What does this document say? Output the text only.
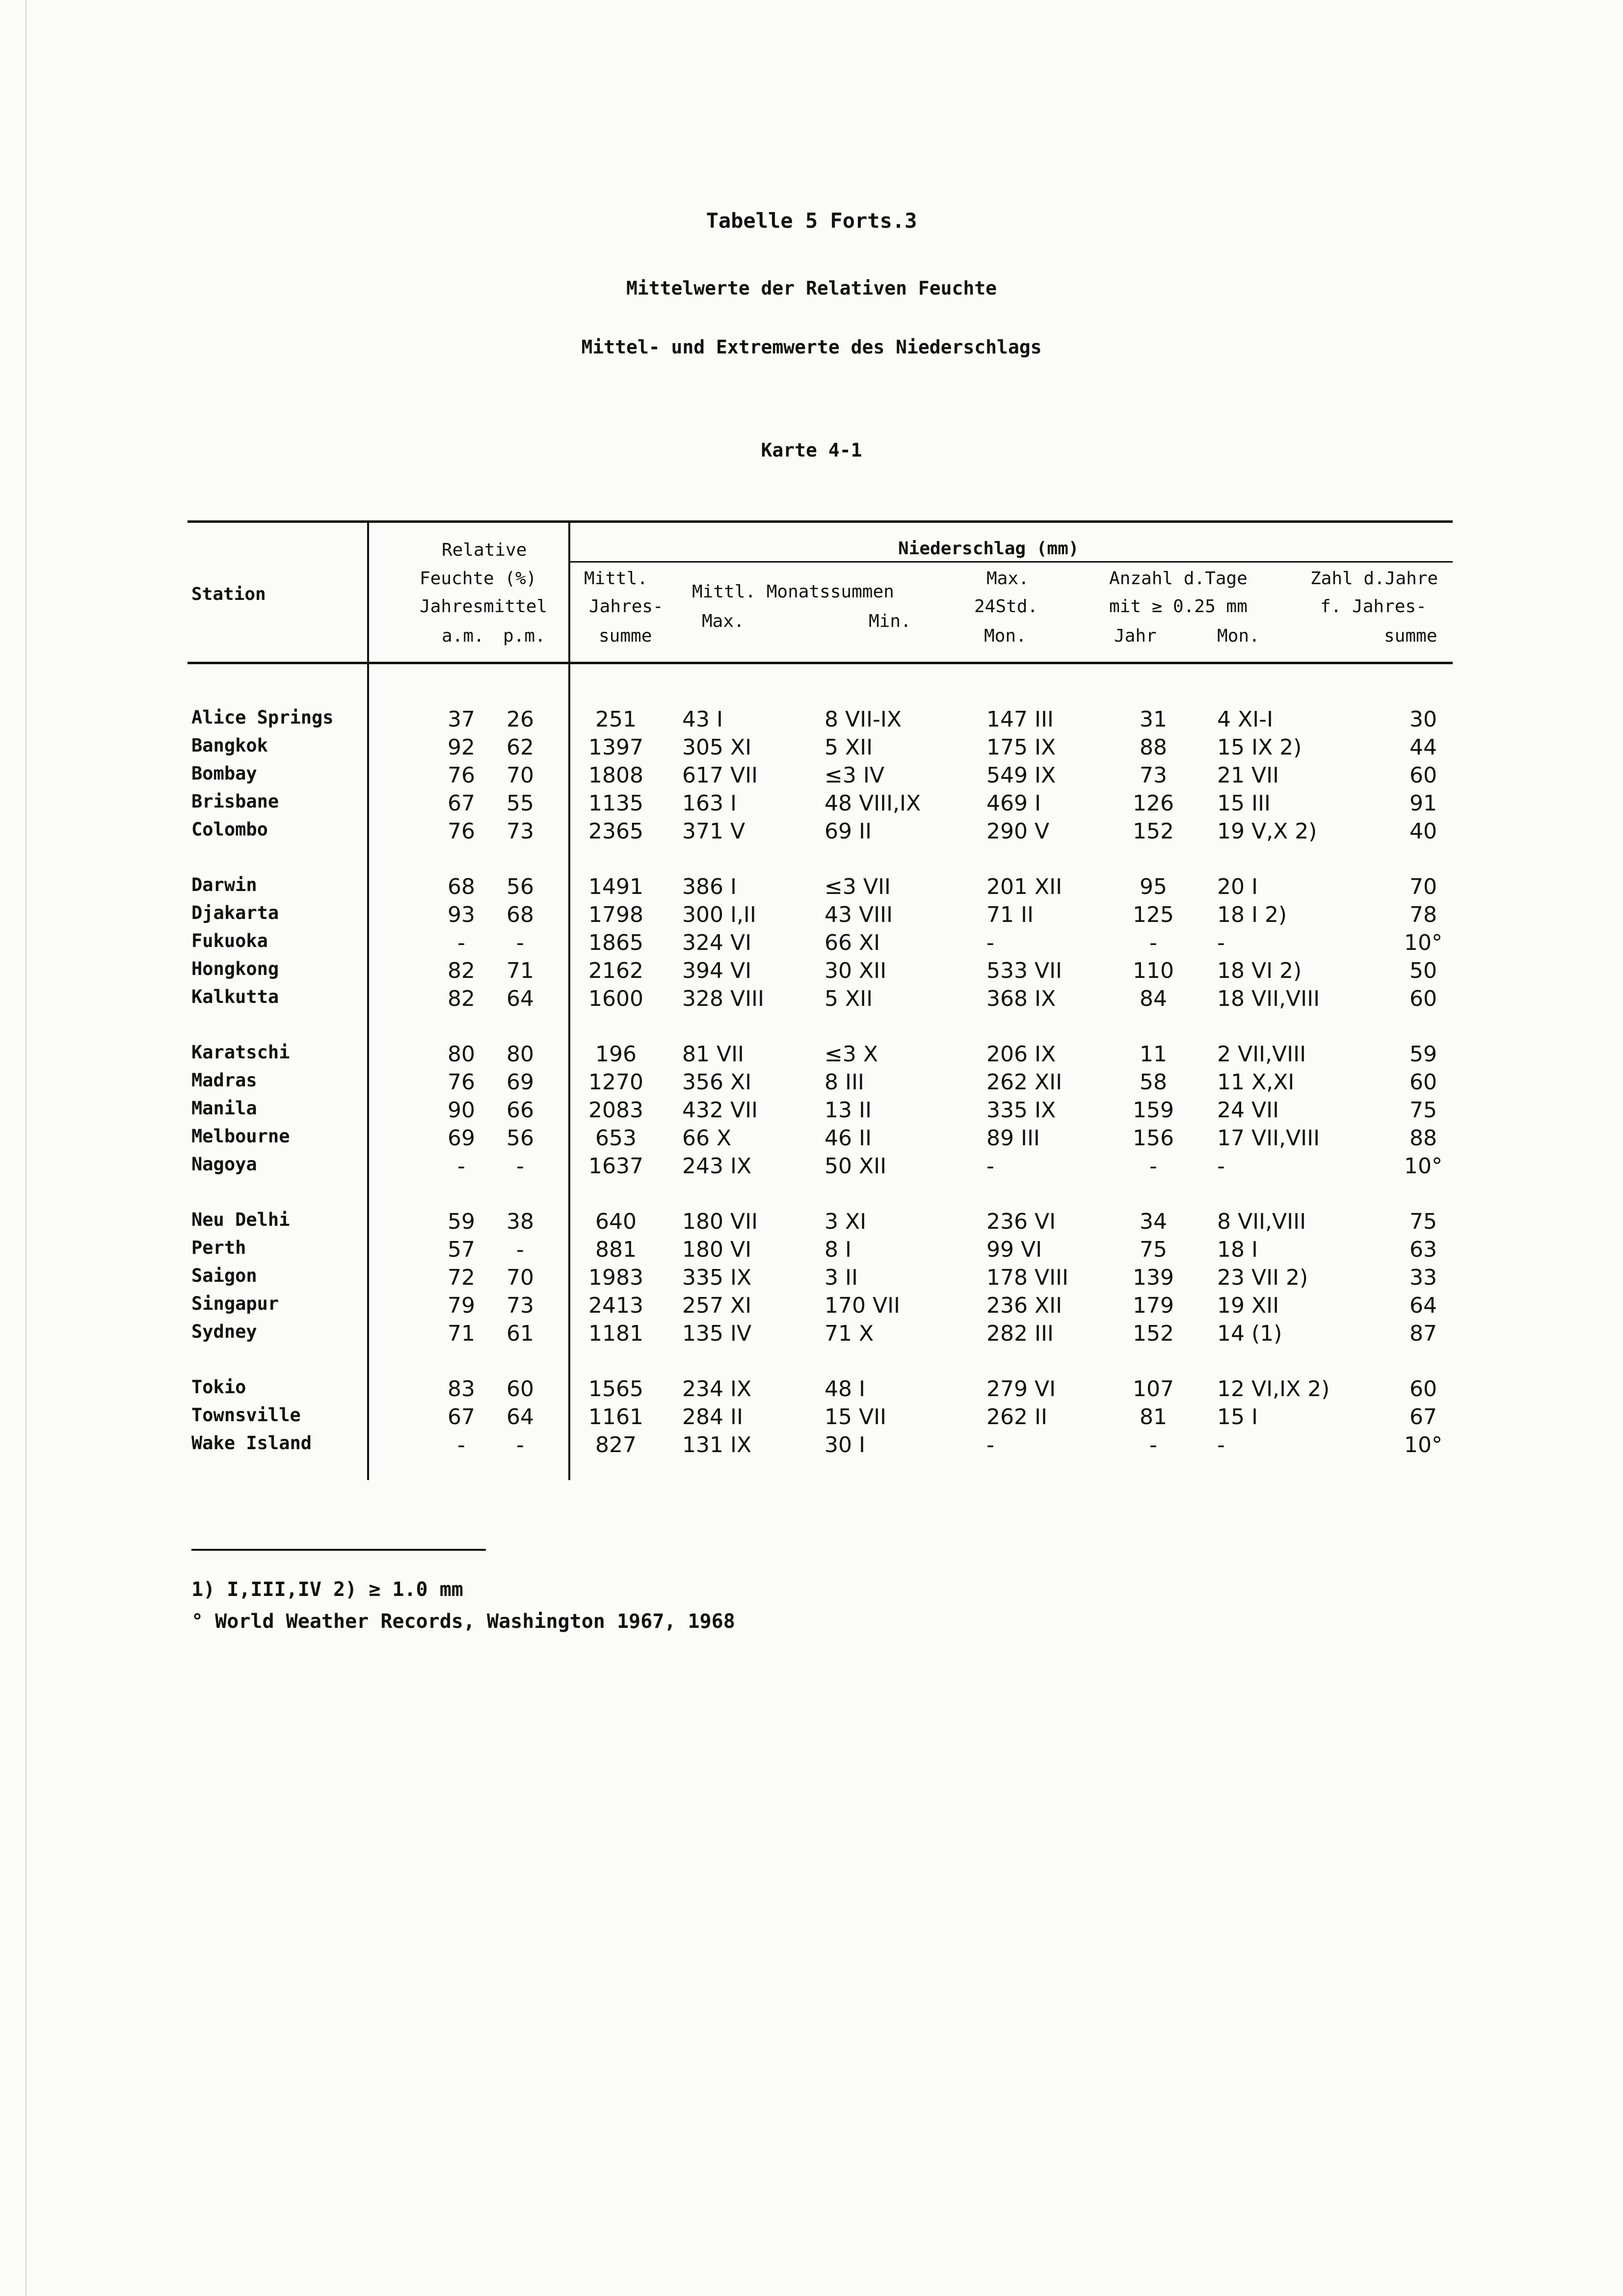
Tabelle 5 Forts.3
Mittelwerte der Relativen Feuchte
Mittel- und Extremwerte des Niederschlags
Karte 4-1
Station
Relative
Feuchte (%)
Jahresmittel
a.m. p.m.
Niederschlag (mm)
Mittl.
Jahres-
summe
Mittl. Monatssummen
Max.	Min.
Max.
24Std.
Mon.
Anzahl d.Tage
mit ≥ 0.25 mm
Jahr	Mon.
Zahl d.Jahre
f. Jahres-
summe
Alice Springs	37	26	251	43 I	8 VII-IX	147 III	31	4 XI-I	30
Bangkok	92	62	1397	305 XI	5 XII	175 IX	88	15 IX 2)	44
Bombay	76	70	1808	617 VII	≤3 IV	549 IX	73	21 VII	60
Brisbane	67	55	1135	163 I	48 VIII,IX	469 I	126	15 III	91
Colombo	76	73	2365	371 V	69 II	290 V	152	19 V,X 2)	40
Darwin	68	56	1491	386 I	≤3 VII	201 XII	95	20 I	70
Djakarta	93	68	1798	300 I,II	43 VIII	71 II	125	18 I 2)	78
Fukuoka	-	-	1865	324 VI	66 XI	-	-	-	10°
Hongkong	82	71	2162	394 VI	30 XII	533 VII	110	18 VI 2)	50
Kalkutta	82	64	1600	328 VIII	5 XII	368 IX	84	18 VII,VIII	60
Karatschi	80	80	196	81 VII	≤3 X	206 IX	11	2 VII,VIII	59
Madras	76	69	1270	356 XI	8 III	262 XII	58	11 X,XI	60
Manila	90	66	2083	432 VII	13 II	335 IX	159	24 VII	75
Melbourne	69	56	653	66 X	46 II	89 III	156	17 VII,VIII	88
Nagoya	-	-	1637	243 IX	50 XII	-	-	-	10°
Neu Delhi	59	38	640	180 VII	3 XI	236 VI	34	8 VII,VIII	75
Perth	57	-	881	180 VI	8 I	99 VI	75	18 I	63
Saigon	72	70	1983	335 IX	3 II	178 VIII	139	23 VII 2)	33
Singapur	79	73	2413	257 XI	170 VII	236 XII	179	19 XII	64
Sydney	71	61	1181	135 IV	71 X	282 III	152	14 (1)	87
Tokio	83	60	1565	234 IX	48 I	279 VI	107	12 VI,IX 2)	60
Townsville	67	64	1161	284 II	15 VII	262 II	81	15 I	67
Wake Island	-	-	827	131 IX	30 I	-	-	-	10°
1) I,III,IV 2) ≥ 1.0 mm
° World Weather Records, Washington 1967, 1968
